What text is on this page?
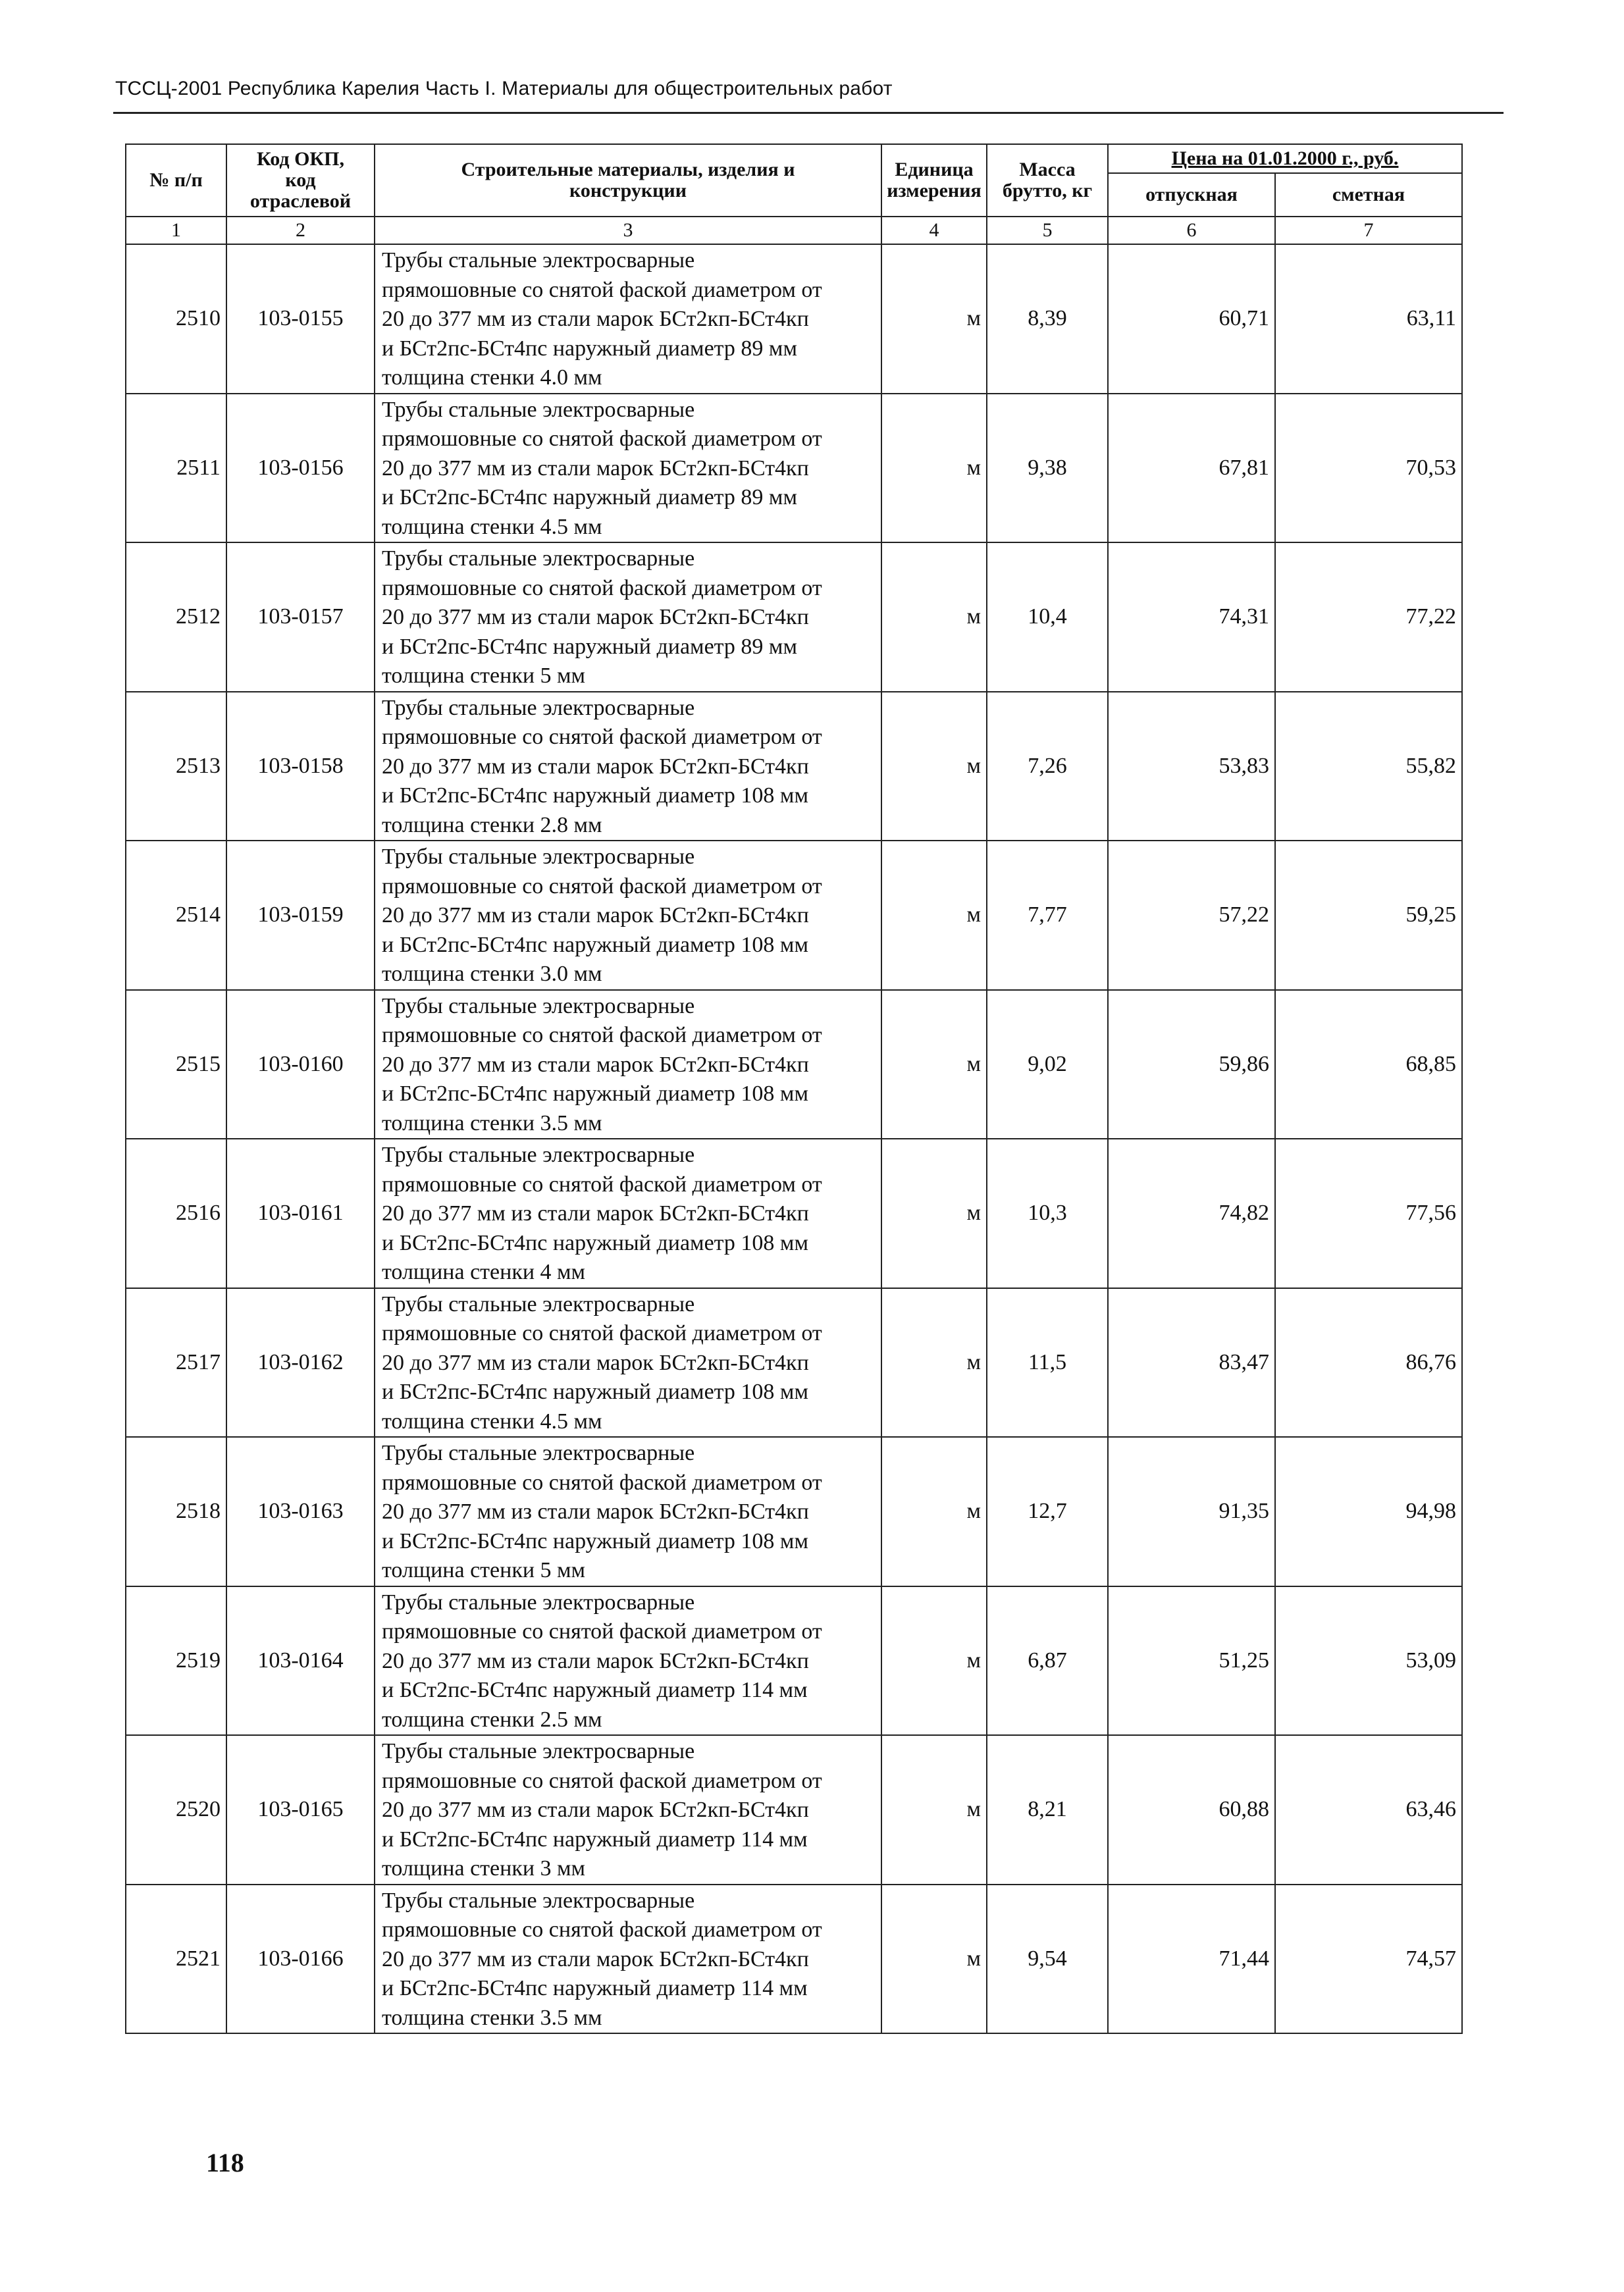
ТССЦ-2001 Республика Карелия Часть I. Материалы для общестроительных работ
№ п/п	Код ОКП,
код
отраслевой	Строительные материалы, изделия и
конструкции	Единица
измерения	Масса
брутто, кг	Цена на 01.01.2000 г., руб.	
					отпускная	сметная
1	2	3	4	5	6	7
2510	103-0155	Трубы стальные электросварные
прямошовные со снятой фаской диаметром от
20 до 377 мм из стали марок БСт2кп-БСт4кп
и БСт2пс-БСт4пс наружный диаметр 89 мм
толщина стенки 4.0 мм	м	8,39	60,71	63,11
2511	103-0156	Трубы стальные электросварные
прямошовные со снятой фаской диаметром от
20 до 377 мм из стали марок БСт2кп-БСт4кп
и БСт2пс-БСт4пс наружный диаметр 89 мм
толщина стенки 4.5 мм	м	9,38	67,81	70,53
2512	103-0157	Трубы стальные электросварные
прямошовные со снятой фаской диаметром от
20 до 377 мм из стали марок БСт2кп-БСт4кп
и БСт2пс-БСт4пс наружный диаметр 89 мм
толщина стенки 5 мм	м	10,4	74,31	77,22
2513	103-0158	Трубы стальные электросварные
прямошовные со снятой фаской диаметром от
20 до 377 мм из стали марок БСт2кп-БСт4кп
и БСт2пс-БСт4пс наружный диаметр 108 мм
толщина стенки 2.8 мм	м	7,26	53,83	55,82
2514	103-0159	Трубы стальные электросварные
прямошовные со снятой фаской диаметром от
20 до 377 мм из стали марок БСт2кп-БСт4кп
и БСт2пс-БСт4пс наружный диаметр 108 мм
толщина стенки 3.0 мм	м	7,77	57,22	59,25
2515	103-0160	Трубы стальные электросварные
прямошовные со снятой фаской диаметром от
20 до 377 мм из стали марок БСт2кп-БСт4кп
и БСт2пс-БСт4пс наружный диаметр 108 мм
толщина стенки 3.5 мм	м	9,02	59,86	68,85
2516	103-0161	Трубы стальные электросварные
прямошовные со снятой фаской диаметром от
20 до 377 мм из стали марок БСт2кп-БСт4кп
и БСт2пс-БСт4пс наружный диаметр 108 мм
толщина стенки 4 мм	м	10,3	74,82	77,56
2517	103-0162	Трубы стальные электросварные
прямошовные со снятой фаской диаметром от
20 до 377 мм из стали марок БСт2кп-БСт4кп
и БСт2пс-БСт4пс наружный диаметр 108 мм
толщина стенки 4.5 мм	м	11,5	83,47	86,76
2518	103-0163	Трубы стальные электросварные
прямошовные со снятой фаской диаметром от
20 до 377 мм из стали марок БСт2кп-БСт4кп
и БСт2пс-БСт4пс наружный диаметр 108 мм
толщина стенки 5 мм	м	12,7	91,35	94,98
2519	103-0164	Трубы стальные электросварные
прямошовные со снятой фаской диаметром от
20 до 377 мм из стали марок БСт2кп-БСт4кп
и БСт2пс-БСт4пс наружный диаметр 114 мм
толщина стенки 2.5 мм	м	6,87	51,25	53,09
2520	103-0165	Трубы стальные электросварные
прямошовные со снятой фаской диаметром от
20 до 377 мм из стали марок БСт2кп-БСт4кп
и БСт2пс-БСт4пс наружный диаметр 114 мм
толщина стенки 3 мм	м	8,21	60,88	63,46
2521	103-0166	Трубы стальные электросварные
прямошовные со снятой фаской диаметром от
20 до 377 мм из стали марок БСт2кп-БСт4кп
и БСт2пс-БСт4пс наружный диаметр 114 мм
толщина стенки 3.5 мм	м	9,54	71,44	74,57
118
